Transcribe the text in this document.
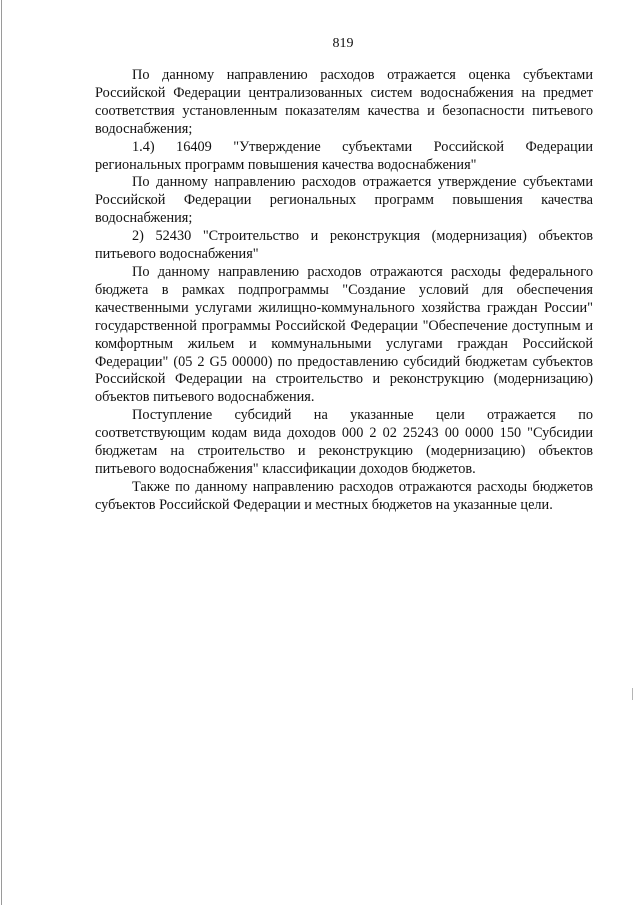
819

По данному направлению расходов отражается оценка субъектами Российской Федерации централизованных систем водоснабжения на предмет соответствия установленным показателям качества и безопасности питьевого водоснабжения;

1.4) 16409 "Утверждение субъектами Российской Федерации региональных программ повышения качества водоснабжения"

По данному направлению расходов отражается утверждение субъектами Российской Федерации региональных программ повышения качества водоснабжения;

2) 52430 "Строительство и реконструкция (модернизация) объектов питьевого водоснабжения"

По данному направлению расходов отражаются расходы федерального бюджета в рамках подпрограммы "Создание условий для обеспечения качественными услугами жилищно-коммунального хозяйства граждан России" государственной программы Российской Федерации "Обеспечение доступным и комфортным жильем и коммунальными услугами граждан Российской Федерации" (05 2 G5 00000) по предоставлению субсидий бюджетам субъектов Российской Федерации на строительство и реконструкцию (модернизацию) объектов питьевого водоснабжения.

Поступление субсидий на указанные цели отражается по соответствующим кодам вида доходов 000 2 02 25243 00 0000 150 "Субсидии бюджетам на строительство и реконструкцию (модернизацию) объектов питьевого водоснабжения" классификации доходов бюджетов.

Также по данному направлению расходов отражаются расходы бюджетов субъектов Российской Федерации и местных бюджетов на указанные цели.
